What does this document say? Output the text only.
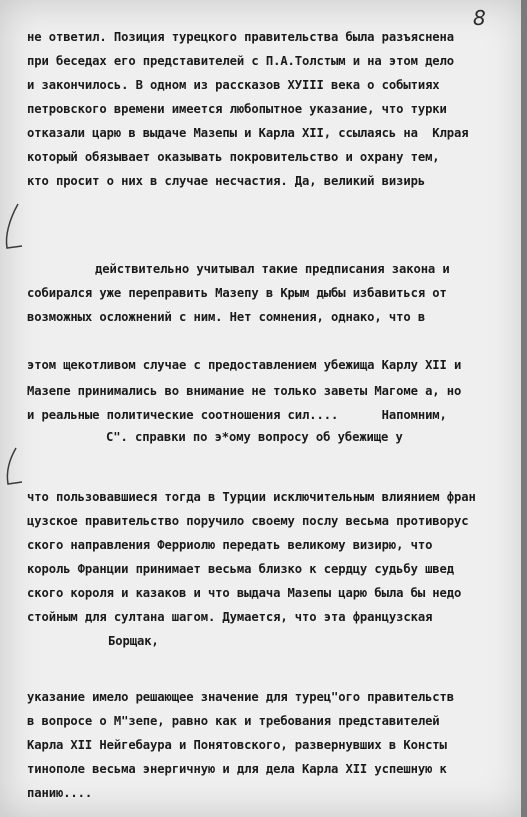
8
не ответил. Позиция турецкого правительства была разъяснена
при беседах его представителей с П.А.Толстым и на этом дело
и закончилось. В одном из рассказов XУIII века о событиях
петровского времени имеется любопытное указание, что турки
отказали царю в выдаче Мазепы и Карла XII, ссылаясь на  Клрая
который обязывает оказывать покровительство и охрану тем,
кто просит о них в случае несчастия. Да, великий визирь
действительно учитывал такие предписания закона и
собирался уже переправить Мазепу в Крым дыбы избавиться от
возможных осложнений с ним. Нет сомнения, однако, что в
этом щекотливом случае с предоставлением убежища Карлу XII и
Мазепе принимались во внимание не только заветы Магоме а, но
и реальные политические соотношения сил....      Напомним,
С". справки по э*ому вопросу об убежище у
что пользовавшиеся тогда в Турции исключительным влиянием фран
цузское правительство поручило своему послу весьма противорус
ского направления Ферриолю передать великому визирю, что
король Франции принимает весьма близко к сердцу судьбу швед
ского короля и казаков и что выдача Мазепы царю была бы недо
стойным для султана шагом. Думается, что эта французская
Борщак,
указание имело решающее значение для турец"ого правительств
в вопросе о М"зепе, равно как и требования представителей
Карла XII Нейгебаура и Понятовского, развернувших в Консты
тинополе весьма энергичную и для дела Карла XII успешную к
панию....
